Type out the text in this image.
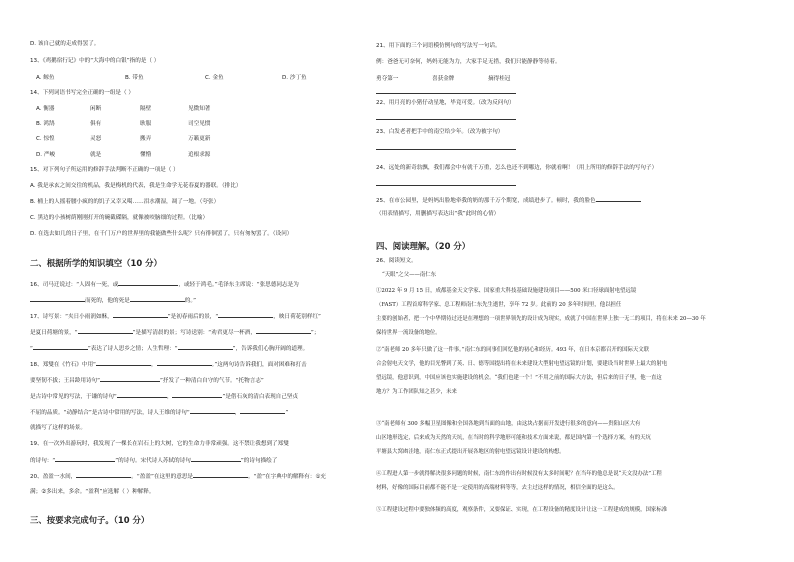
D. 该自己就的走成得罢了。
13、《鸡鹅宿行记》中的“大海中的白银”指的是（ ）
A. 鲸鱼	B. 带鱼	C. 金鱼	D. 沙丁鱼
14、下列词语书写完全正确的一组是（ ）
A. 衡器	闲断	隔壁	见微知著
B. 鸿鹄	俱有	耿服	司空见惯
C. 惊惶	灵怒	搬弄	万籁更新
D. 严峻	就是	懂懵	追根求源
15、对下列句子所运用的修辞手法判断不正确的一项是（ ）
A. 我是承玄之间交往的机品，我是梅机的代表，我是生命学无花春夏的器联。（排比）
B. 桶上的人摇着腰小疯的的饥子又幸又噶……泪水潮湿，凋了一地。（夸张）
C. 黑边的小孩树荫刚刚打开的碗截碟隔，就像被咬脑细的过程。（比喻）
D. 在选去如几的日子里，在千门万户的世界里的我能做些什么呢？只有徘徊罢了，只有匆匆罢了。（设问）
二、根据所学的知识填空（10 分）
16、司马迁说过：“人固有一死，或	，或轻于鸿毛。”毛泽东主席说：“张思德同志是为
而死的，他的死是	的。”
17、诗写景：“夹日小雨润如酥，	”是初春雨后的景，“	，映日荷花别样红”
是夏日荷塘的景，“	”是描写清晨的景；写诗送别：“劝君更尽一杯酒，	”；
“	”表达了诗人思乡之情；人生哲理：“	”，告诉我们心胸开阔的道理。
18、郑燮在《竹石》中用“	，	。”这两句诗告诉我们，面对困难和打击
要坚韧不拔；王昌龄用诗句“	”抒发了一种清白自守的气节。“托物言志”
是古诗中常见的写法，于谦的诗句“	，	”是借石灰的清白表现自己坚贞
不屈的品质。“动静结合”是古诗中常用的写法，诗人王维的诗句“	，	”
就描写了这样的场景。
19、在一次外出游玩时，我发现了一棵长在岩石上的大树，它的生命力非常顽强。这不禁让我想到了郑燮
的诗句：“	”的诗句。宋代诗人苏轼的诗句	”的诗句描绘了
20、盈盈一水间，	。“盈盈”在这里的意思是	。“盈”在字典中的解释有：①充
满；②多出来，多余。“盈利”应选解（ ）种解释。
三、按要求完成句子。（10 分）
21、用下面的三个词语模仿例句的写法写一句话。
例：爸爸无可奈何，妈妈无能为力，大家手足无措，我们只能静静等待着。
勇夺第一	喜获金牌	摘得桂冠
22、用月亮的小猪仔动星地，毕竟可爱。（改为反问句）
23、白发老者把手中的南空给少年。（改为被字句）
24、远处的新奇翁飘，我们都会中有就千万重，怎么也还不到哪边，你就看啊！（用上所用的修辞手法的写句子）
25、在市公园里，是妈妈出脸地牵我的奶的那千万个期宽，成绩进步了。顿时，我的脸色
（用表情描写，用删描写表达出“我”此时的心情）
四、阅读理解。（20 分）
26、阅读短文。
“天眼”之父——南仁东
①2022 年 9 月 15 日，成都基金天文学家、国家重大科技基础设施建设项目——500 米口径球面射电望远镜
（FAST）工程首席科学家、总工程师南仁东先生逝世，享年 72 岁。此前的 20 多年时间里，他以担任
主要的创始者，把一个中华期待过还是在理想的一项世界领先的设计成为现实，成就了中国在世界上独一无二的项目，将在未来 20—30 年
保持世界一流设备的地位。
②“南老师 20 多年只做了这一件事。”南仁东的同事们回忆他的初心和经历。493 年，在日本京都召开的国际天文联
合会射电天文学，他的目光瞥到了英、日、德等国提出将在未来建设大型射电望远镜的计划，要建设当时世界上最大的射电
望远镜，他意识到，中国应该也实施建设的机会。“我们也建一个！”不用之前的国际大方法，但后来的日子里，他一直这
地方？为工作团队知之甚少，未来
③“南老师有 300 多幅卫星图像和全国各地到当面的山地，由这块占据而开发进行很多的意向——贵阳山区大有
山区地形选定，后来成为天然的天坑，在当时的科学地形可能和技术方面来说，都是国内第一个选择方案，有的天坑
平塘县大窝凼洼地，南仁东正式提出开展各地区的射电望远镜设计建设的构想。
④工程进人第一步就得解决很多问题的时候，南仁东的作出有时候没有太多时间呢？在当年的他总是说“天文没办法”工程
材料，好像的国际目前都不能不是一定使用的高端材料等等，去主过这样的情况，相信全面的是这么。
⑤工程建设过程中要独体频的高度，观察条件，又要保证、实现，在工程设备的精度设计让这一工程建成的规模，国家标准
